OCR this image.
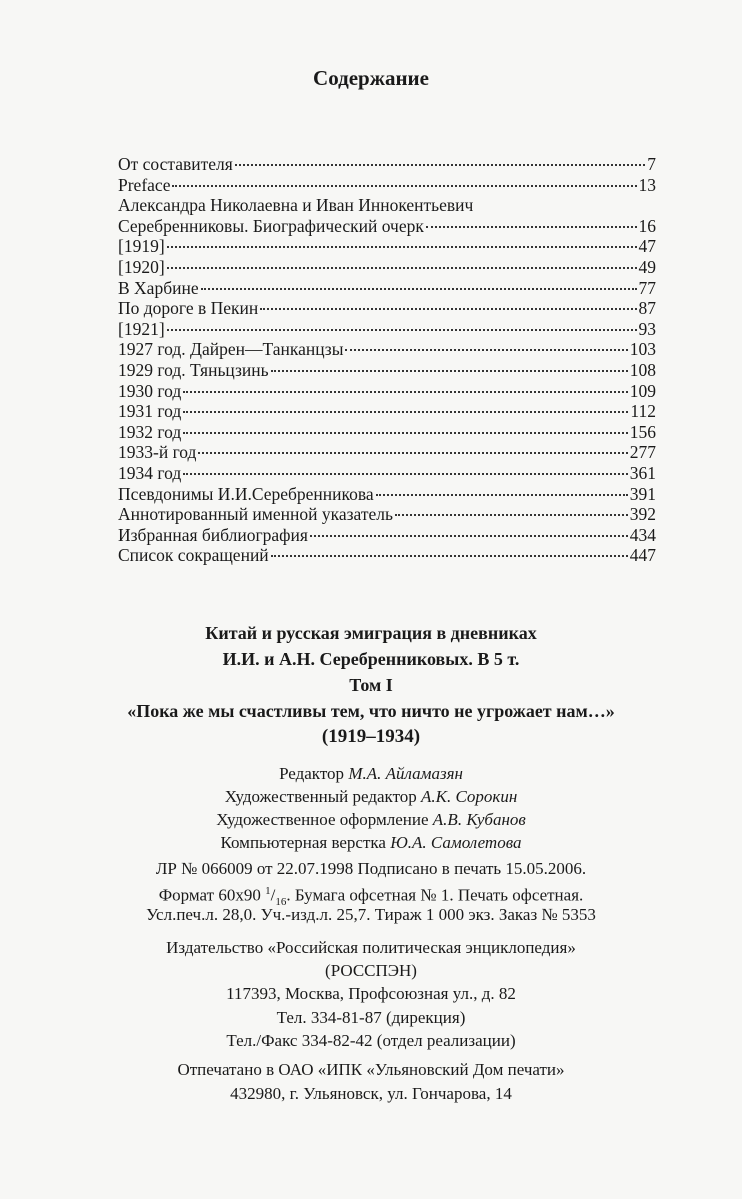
Содержание
От составителя	7
Preface	13
Александра Николаевна и Иван Иннокентьевич
Серебренниковы. Биографический очерк	16
[1919]	47
[1920]	49
В Харбине	77
По дороге в Пекин	87
[1921]	93
1927 год. Дайрен—Танканцзы	103
1929 год. Тяньцзинь	108
1930 год	109
1931 год	112
1932 год	156
1933-й год	277
1934 год	361
Псевдонимы И.И.Серебренникова	391
Аннотированный именной указатель	392
Избранная библиография	434
Список сокращений	447
Китай и русская эмиграция в дневниках
И.И. и А.Н. Серебренниковых. В 5 т.
Том I
«Пока же мы счастливы тем, что ничто не угрожает нам…»
(1919–1934)
Редактор М.А. Айламазян
Художественный редактор А.К. Сорокин
Художественное оформление А.В. Кубанов
Компьютерная верстка Ю.А. Самолетова
ЛР № 066009 от 22.07.1998 Подписано в печать 15.05.2006.
Формат 60х90 $^1/_{16}$. Бумага офсетная № 1. Печать офсетная.
Усл.печ.л. 28,0. Уч.-изд.л. 25,7. Тираж 1 000 экз. Заказ № 5353
Издательство «Российская политическая энциклопедия»
(РОССПЭН)
117393, Москва, Профсоюзная ул., д. 82
Тел. 334-81-87 (дирекция)
Тел./Факс 334-82-42 (отдел реализации)
Отпечатано в ОАО «ИПК «Ульяновский Дом печати»
432980, г. Ульяновск, ул. Гончарова, 14
